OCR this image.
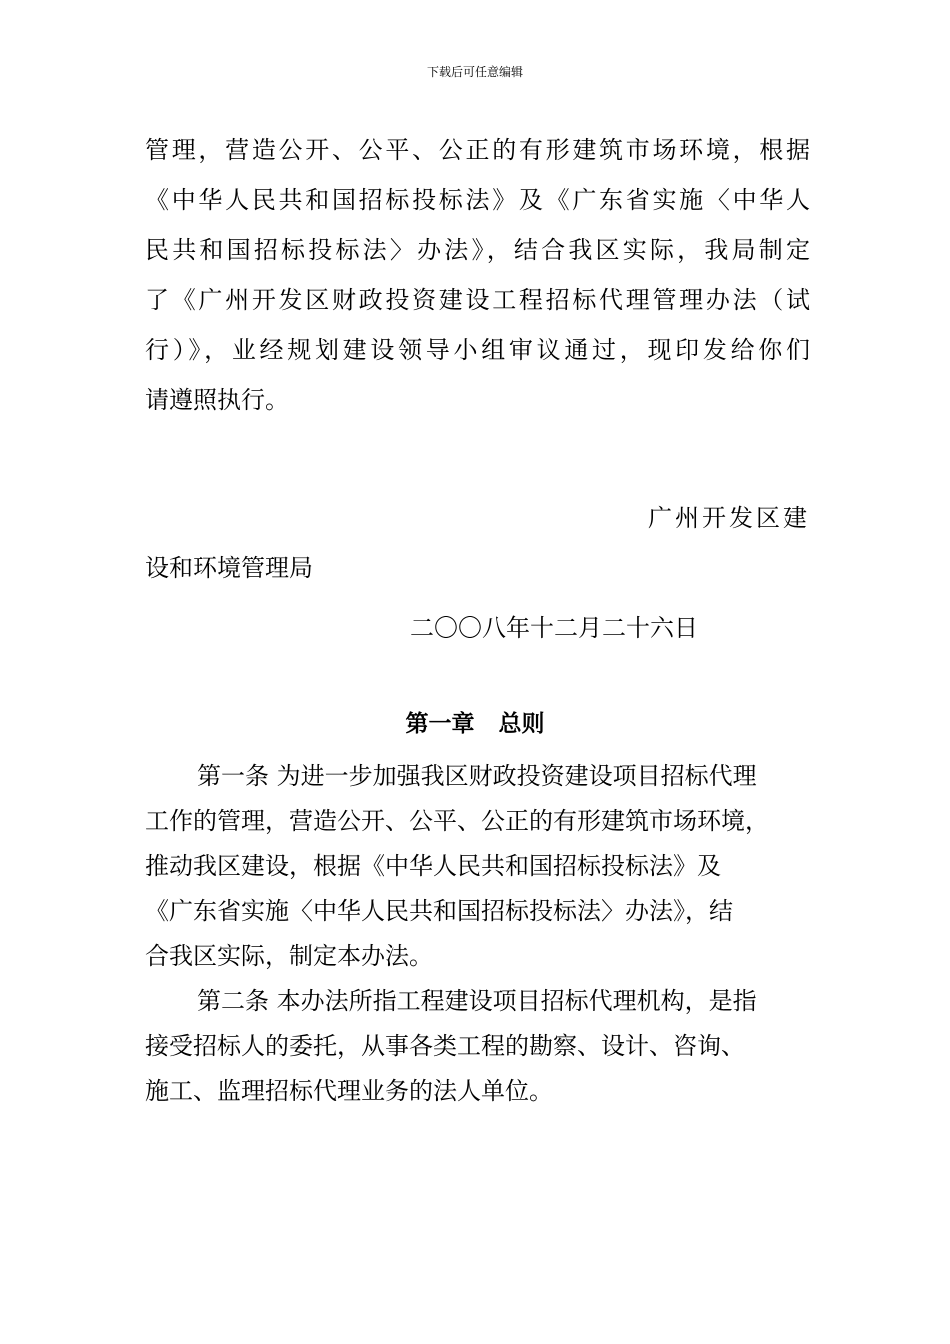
下载后可任意编辑
管理，营造公开、公平、公正的有形建筑市场环境，根据
《中华人民共和国招标投标法》及《广东省实施〈中华人
民共和国招标投标法〉办法》，结合我区实际，我局制定
了《广州开发区财政投资建设工程招标代理管理办法（试
行）》，业经规划建设领导小组审议通过，现印发给你们
请遵照执行。
广州开发区建
设和环境管理局
二〇〇八年十二月二十六日
第一章   总则
第一条 为进一步加强我区财政投资建设项目招标代理
工作的管理，营造公开、公平、公正的有形建筑市场环境，
推动我区建设，根据《中华人民共和国招标投标法》及
《广东省实施〈中华人民共和国招标投标法〉办法》，结
合我区实际，制定本办法。
第二条 本办法所指工程建设项目招标代理机构，是指
接受招标人的委托，从事各类工程的勘察、设计、咨询、
施工、监理招标代理业务的法人单位。
